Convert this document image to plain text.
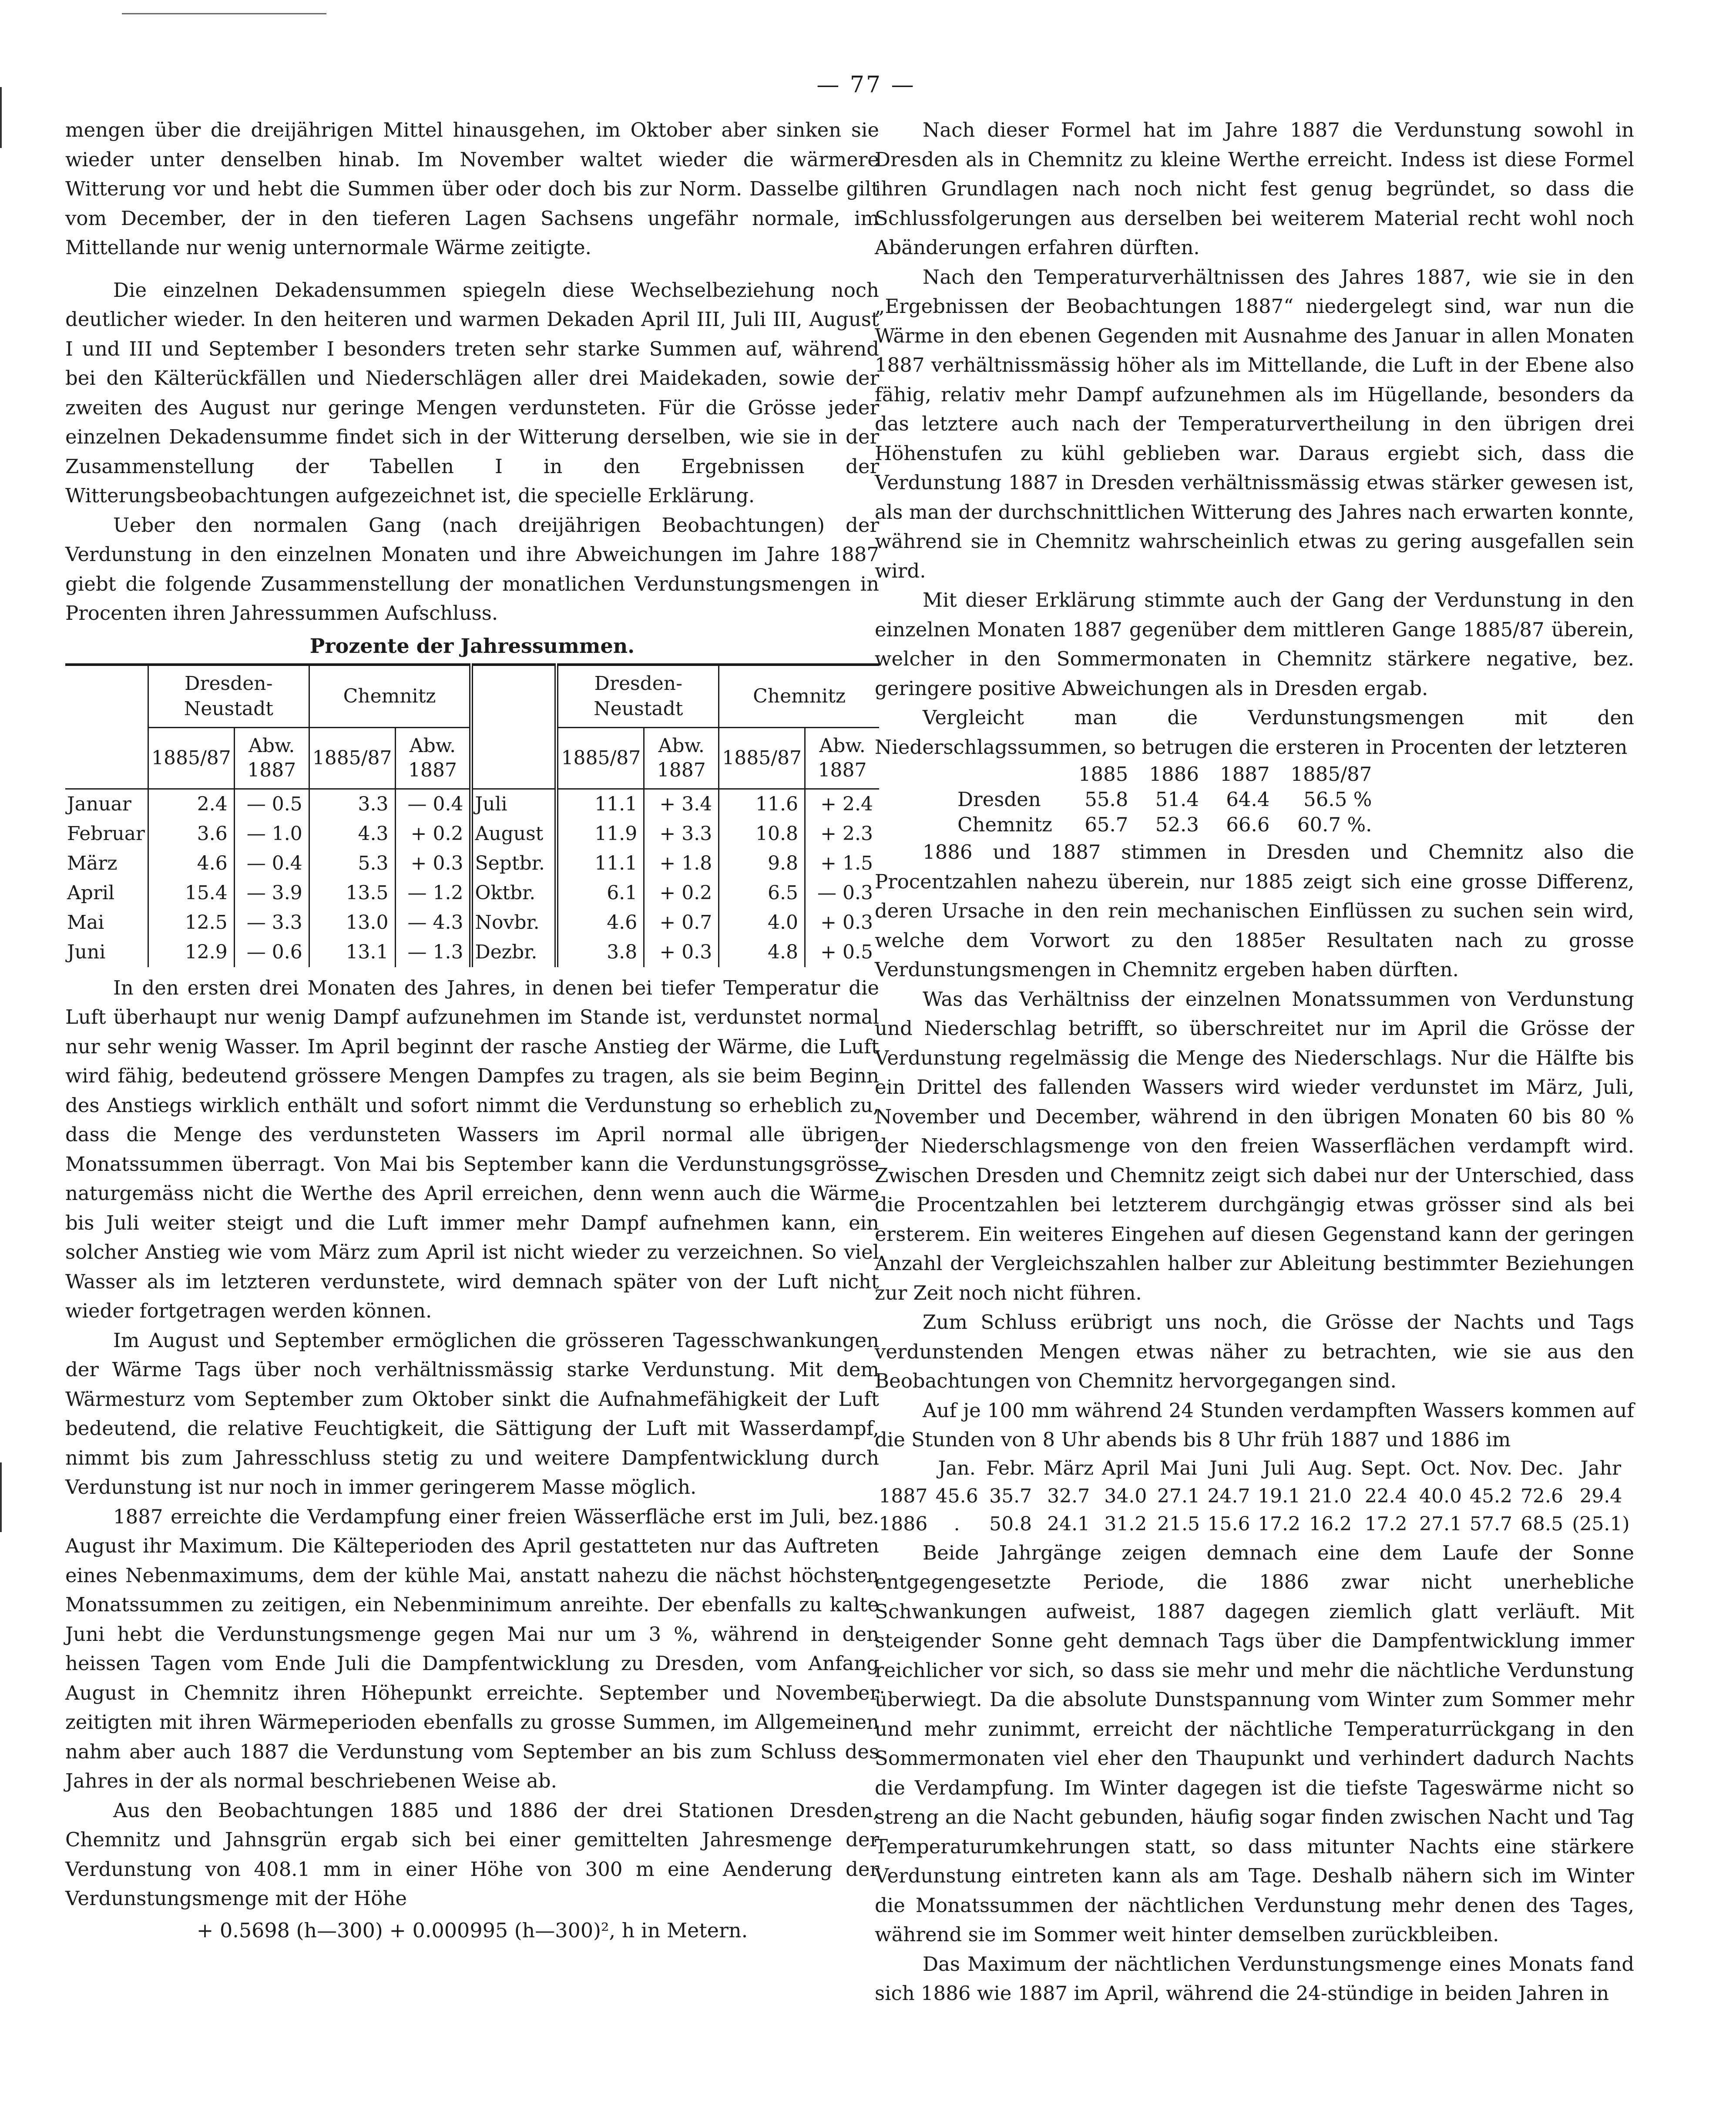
— 77 —

mengen über die dreijährigen Mittel hinausgehen, im Oktober aber sinken sie wieder unter denselben hinab. Im November waltet wieder die wärmere Witterung vor und hebt die Summen über oder doch bis zur Norm. Dasselbe gilt vom December, der in den tieferen Lagen Sachsens ungefähr normale, im Mittellande nur wenig unternormale Wärme zeitigte.

Die einzelnen Dekadensummen spiegeln diese Wechselbeziehung noch deutlicher wieder. In den heiteren und warmen Dekaden April III, Juli III, August I und III und September I besonders treten sehr starke Summen auf, während bei den Kälterückfällen und Niederschlägen aller drei Maidekaden, sowie der zweiten des August nur geringe Mengen verdunsteten. Für die Grösse jeder einzelnen Dekadensumme findet sich in der Witterung derselben, wie sie in der Zusammenstellung der Tabellen I in den Ergebnissen der Witterungsbeobachtungen aufgezeichnet ist, die specielle Erklärung.

Ueber den normalen Gang (nach dreijährigen Beobachtungen) der Verdunstung in den einzelnen Monaten und ihre Abweichungen im Jahre 1887 giebt die folgende Zusammenstellung der monatlichen Verdunstungsmengen in Procenten ihren Jahressummen Aufschluss.

Prozente der Jahressummen.
	Dresden-Neustadt		Chemnitz			Dresden-Neustadt		Chemnitz	
	1885/87	Abw. 1887	1885/87	Abw. 1887		1885/87	Abw. 1887	1885/87	Abw. 1887
Januar	2.4	— 0.5	3.3	— 0.4	Juli	11.1	+ 3.4	11.6	+ 2.4
Februar	3.6	— 1.0	4.3	+ 0.2	August	11.9	+ 3.3	10.8	+ 2.3
März	4.6	— 0.4	5.3	+ 0.3	Septbr.	11.1	+ 1.8	9.8	+ 1.5
April	15.4	— 3.9	13.5	— 1.2	Oktbr.	6.1	+ 0.2	6.5	— 0.3
Mai	12.5	— 3.3	13.0	— 4.3	Novbr.	4.6	+ 0.7	4.0	+ 0.3
Juni	12.9	— 0.6	13.1	— 1.3	Dezbr.	3.8	+ 0.3	4.8	+ 0.5

In den ersten drei Monaten des Jahres, in denen bei tiefer Temperatur die Luft überhaupt nur wenig Dampf aufzunehmen im Stande ist, verdunstet normal nur sehr wenig Wasser. Im April beginnt der rasche Anstieg der Wärme, die Luft wird fähig, bedeutend grössere Mengen Dampfes zu tragen, als sie beim Beginn des Anstiegs wirklich enthält und sofort nimmt die Verdunstung so erheblich zu, dass die Menge des verdunsteten Wassers im April normal alle übrigen Monatssummen überragt. Von Mai bis September kann die Verdunstungsgrösse naturgemäss nicht die Werthe des April erreichen, denn wenn auch die Wärme bis Juli weiter steigt und die Luft immer mehr Dampf aufnehmen kann, ein solcher Anstieg wie vom März zum April ist nicht wieder zu verzeichnen. So viel Wasser als im letzteren verdunstete, wird demnach später von der Luft nicht wieder fortgetragen werden können.

Im August und September ermöglichen die grösseren Tagesschwankungen der Wärme Tags über noch verhältnissmässig starke Verdunstung. Mit dem Wärmesturz vom September zum Oktober sinkt die Aufnahmefähigkeit der Luft bedeutend, die relative Feuchtigkeit, die Sättigung der Luft mit Wasserdampf, nimmt bis zum Jahresschluss stetig zu und weitere Dampfentwicklung durch Verdunstung ist nur noch in immer geringerem Masse möglich.

1887 erreichte die Verdampfung einer freien Wässerfläche erst im Juli, bez. August ihr Maximum. Die Kälteperioden des April gestatteten nur das Auftreten eines Nebenmaximums, dem der kühle Mai, anstatt nahezu die nächst höchsten Monatssummen zu zeitigen, ein Nebenminimum anreihte. Der ebenfalls zu kalte Juni hebt die Verdunstungsmenge gegen Mai nur um 3 %, während in den heissen Tagen vom Ende Juli die Dampfentwicklung zu Dresden, vom Anfang August in Chemnitz ihren Höhepunkt erreichte. September und November zeitigten mit ihren Wärmeperioden ebenfalls zu grosse Summen, im Allgemeinen nahm aber auch 1887 die Verdunstung vom September an bis zum Schluss des Jahres in der als normal beschriebenen Weise ab.

Aus den Beobachtungen 1885 und 1886 der drei Stationen Dresden, Chemnitz und Jahnsgrün ergab sich bei einer gemittelten Jahresmenge der Verdunstung von 408.1 mm in einer Höhe von 300 m eine Aenderung der Verdunstungsmenge mit der Höhe

+ 0.5698 (h—300) + 0.000995 (h—300)², h in Metern.

Nach dieser Formel hat im Jahre 1887 die Verdunstung sowohl in Dresden als in Chemnitz zu kleine Werthe erreicht. Indess ist diese Formel ihren Grundlagen nach noch nicht fest genug begründet, so dass die Schlussfolgerungen aus derselben bei weiterem Material recht wohl noch Abänderungen erfahren dürften.

Nach den Temperaturverhältnissen des Jahres 1887, wie sie in den „Ergebnissen der Beobachtungen 1887“ niedergelegt sind, war nun die Wärme in den ebenen Gegenden mit Ausnahme des Januar in allen Monaten 1887 verhältnissmässig höher als im Mittellande, die Luft in der Ebene also fähig, relativ mehr Dampf aufzunehmen als im Hügellande, besonders da das letztere auch nach der Temperaturvertheilung in den übrigen drei Höhenstufen zu kühl geblieben war. Daraus ergiebt sich, dass die Verdunstung 1887 in Dresden verhältnissmässig etwas stärker gewesen ist, als man der durchschnittlichen Witterung des Jahres nach erwarten konnte, während sie in Chemnitz wahrscheinlich etwas zu gering ausgefallen sein wird.

Mit dieser Erklärung stimmte auch der Gang der Verdunstung in den einzelnen Monaten 1887 gegenüber dem mittleren Gange 1885/87 überein, welcher in den Sommermonaten in Chemnitz stärkere negative, bez. geringere positive Abweichungen als in Dresden ergab.

Vergleicht man die Verdunstungsmengen mit den Niederschlagssummen, so betrugen die ersteren in Procenten der letzteren

	1885	1886	1887	1885/87
Dresden	55.8	51.4	64.4	56.5 %
Chemnitz	65.7	52.3	66.6	60.7 %.

1886 und 1887 stimmen in Dresden und Chemnitz also die Procentzahlen nahezu überein, nur 1885 zeigt sich eine grosse Differenz, deren Ursache in den rein mechanischen Einflüssen zu suchen sein wird, welche dem Vorwort zu den 1885er Resultaten nach zu grosse Verdunstungsmengen in Chemnitz ergeben haben dürften.

Was das Verhältniss der einzelnen Monatssummen von Verdunstung und Niederschlag betrifft, so überschreitet nur im April die Grösse der Verdunstung regelmässig die Menge des Niederschlags. Nur die Hälfte bis ein Drittel des fallenden Wassers wird wieder verdunstet im März, Juli, November und December, während in den übrigen Monaten 60 bis 80 % der Niederschlagsmenge von den freien Wasserflächen verdampft wird. Zwischen Dresden und Chemnitz zeigt sich dabei nur der Unterschied, dass die Procentzahlen bei letzterem durchgängig etwas grösser sind als bei ersterem. Ein weiteres Eingehen auf diesen Gegenstand kann der geringen Anzahl der Vergleichszahlen halber zur Ableitung bestimmter Beziehungen zur Zeit noch nicht führen.

Zum Schluss erübrigt uns noch, die Grösse der Nachts und Tags verdunstenden Mengen etwas näher zu betrachten, wie sie aus den Beobachtungen von Chemnitz hervorgegangen sind.

Auf je 100 mm während 24 Stunden verdampften Wassers kommen auf die Stunden von 8 Uhr abends bis 8 Uhr früh 1887 und 1886 im

	Jan.	Febr.	März	April	Mai	Juni	Juli	Aug.	Sept.	Oct.	Nov.	Dec.	Jahr
1887	45.6	35.7	32.7	34.0	27.1	24.7	19.1	21.0	22.4	40.0	45.2	72.6	29.4
1886	.	50.8	24.1	31.2	21.5	15.6	17.2	16.2	17.2	27.1	57.7	68.5	(25.1)

Beide Jahrgänge zeigen demnach eine dem Laufe der Sonne entgegengesetzte Periode, die 1886 zwar nicht unerhebliche Schwankungen aufweist, 1887 dagegen ziemlich glatt verläuft. Mit steigender Sonne geht demnach Tags über die Dampfentwicklung immer reichlicher vor sich, so dass sie mehr und mehr die nächtliche Verdunstung überwiegt. Da die absolute Dunstspannung vom Winter zum Sommer mehr und mehr zunimmt, erreicht der nächtliche Temperaturrückgang in den Sommermonaten viel eher den Thaupunkt und verhindert dadurch Nachts die Verdampfung. Im Winter dagegen ist die tiefste Tageswärme nicht so streng an die Nacht gebunden, häufig sogar finden zwischen Nacht und Tag Temperaturumkehrungen statt, so dass mitunter Nachts eine stärkere Verdunstung eintreten kann als am Tage. Deshalb nähern sich im Winter die Monatssummen der nächtlichen Verdunstung mehr denen des Tages, während sie im Sommer weit hinter demselben zurückbleiben.

Das Maximum der nächtlichen Verdunstungsmenge eines Monats fand sich 1886 wie 1887 im April, während die 24-stündige in beiden Jahren in
